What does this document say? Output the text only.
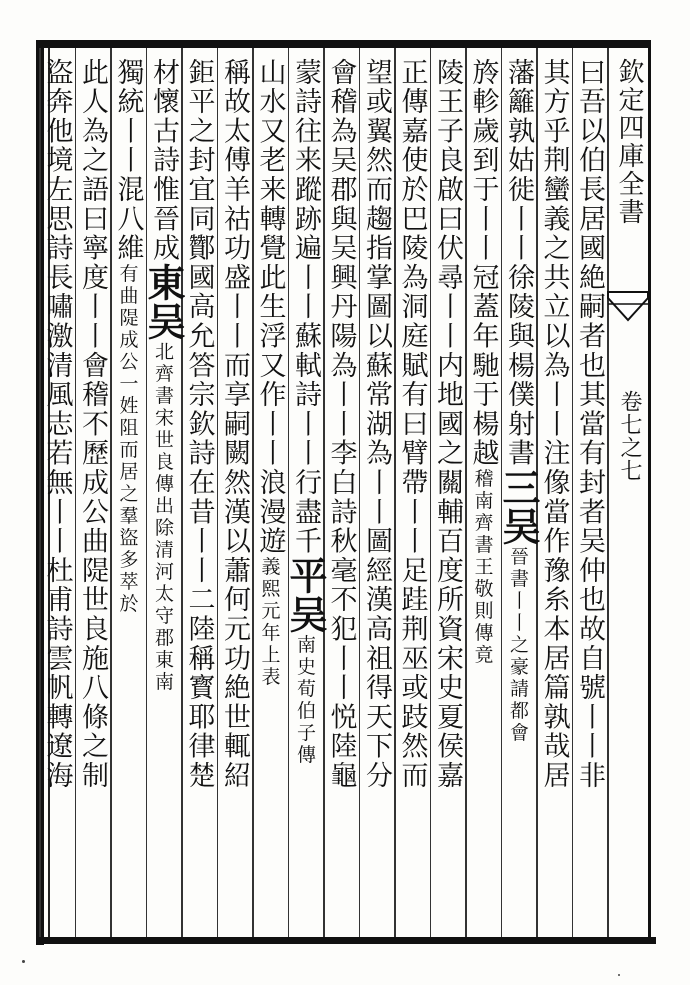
欽定四庫全書
卷七之七
曰吾以伯長居國絶嗣者也其當有封者吴仲也故自號丨丨非
其方乎荆蠻義之共立以為丨丨注像當作豫糸本居篇孰哉居
藩籬孰姑徙丨丨徐陵與楊僕射書三吴晉書丨丨之豪請都會
旍軫歲到于丨丨冠蓋年馳于楊越稽南齊書王敬則傳竟
陵王子良啟曰伏尋丨丨内地國之關輔百度所資宋史夏侯嘉
正傳嘉使於巴陵為洞庭賦有曰臂帶丨丨足跬荆巫或跂然而
望或翼然而趨指掌圖以蘇常湖為丨丨圖經漢高祖得天下分
會稽為吴郡與吴興丹陽為丨丨李白詩秋毫不犯丨丨悦陸龜
蒙詩往来蹤跡遍丨丨蘇軾詩丨丨行盡千平吴南史荀伯子傳
山水又老来轉覺此生浮又作丨丨浪漫遊義熙元年上表
稱故太傅羊祜功盛丨丨而享嗣闕然漢以蕭何元功絶世輒紹
鉅平之封宜同酇國高允答宗欽詩在昔丨丨二陸稱寳耶律楚
材懷古詩惟晉成東吴北齊書宋世良傳出除清河太守郡東南
獨統丨丨混八維有曲隄成公一姓阻而居之羣盜多萃於
此人為之語曰寧度丨丨會稽不歷成公曲隄世良施八條之制
盜奔他境左思詩長嘯激清風志若無丨丨杜甫詩雲帆轉遼海
